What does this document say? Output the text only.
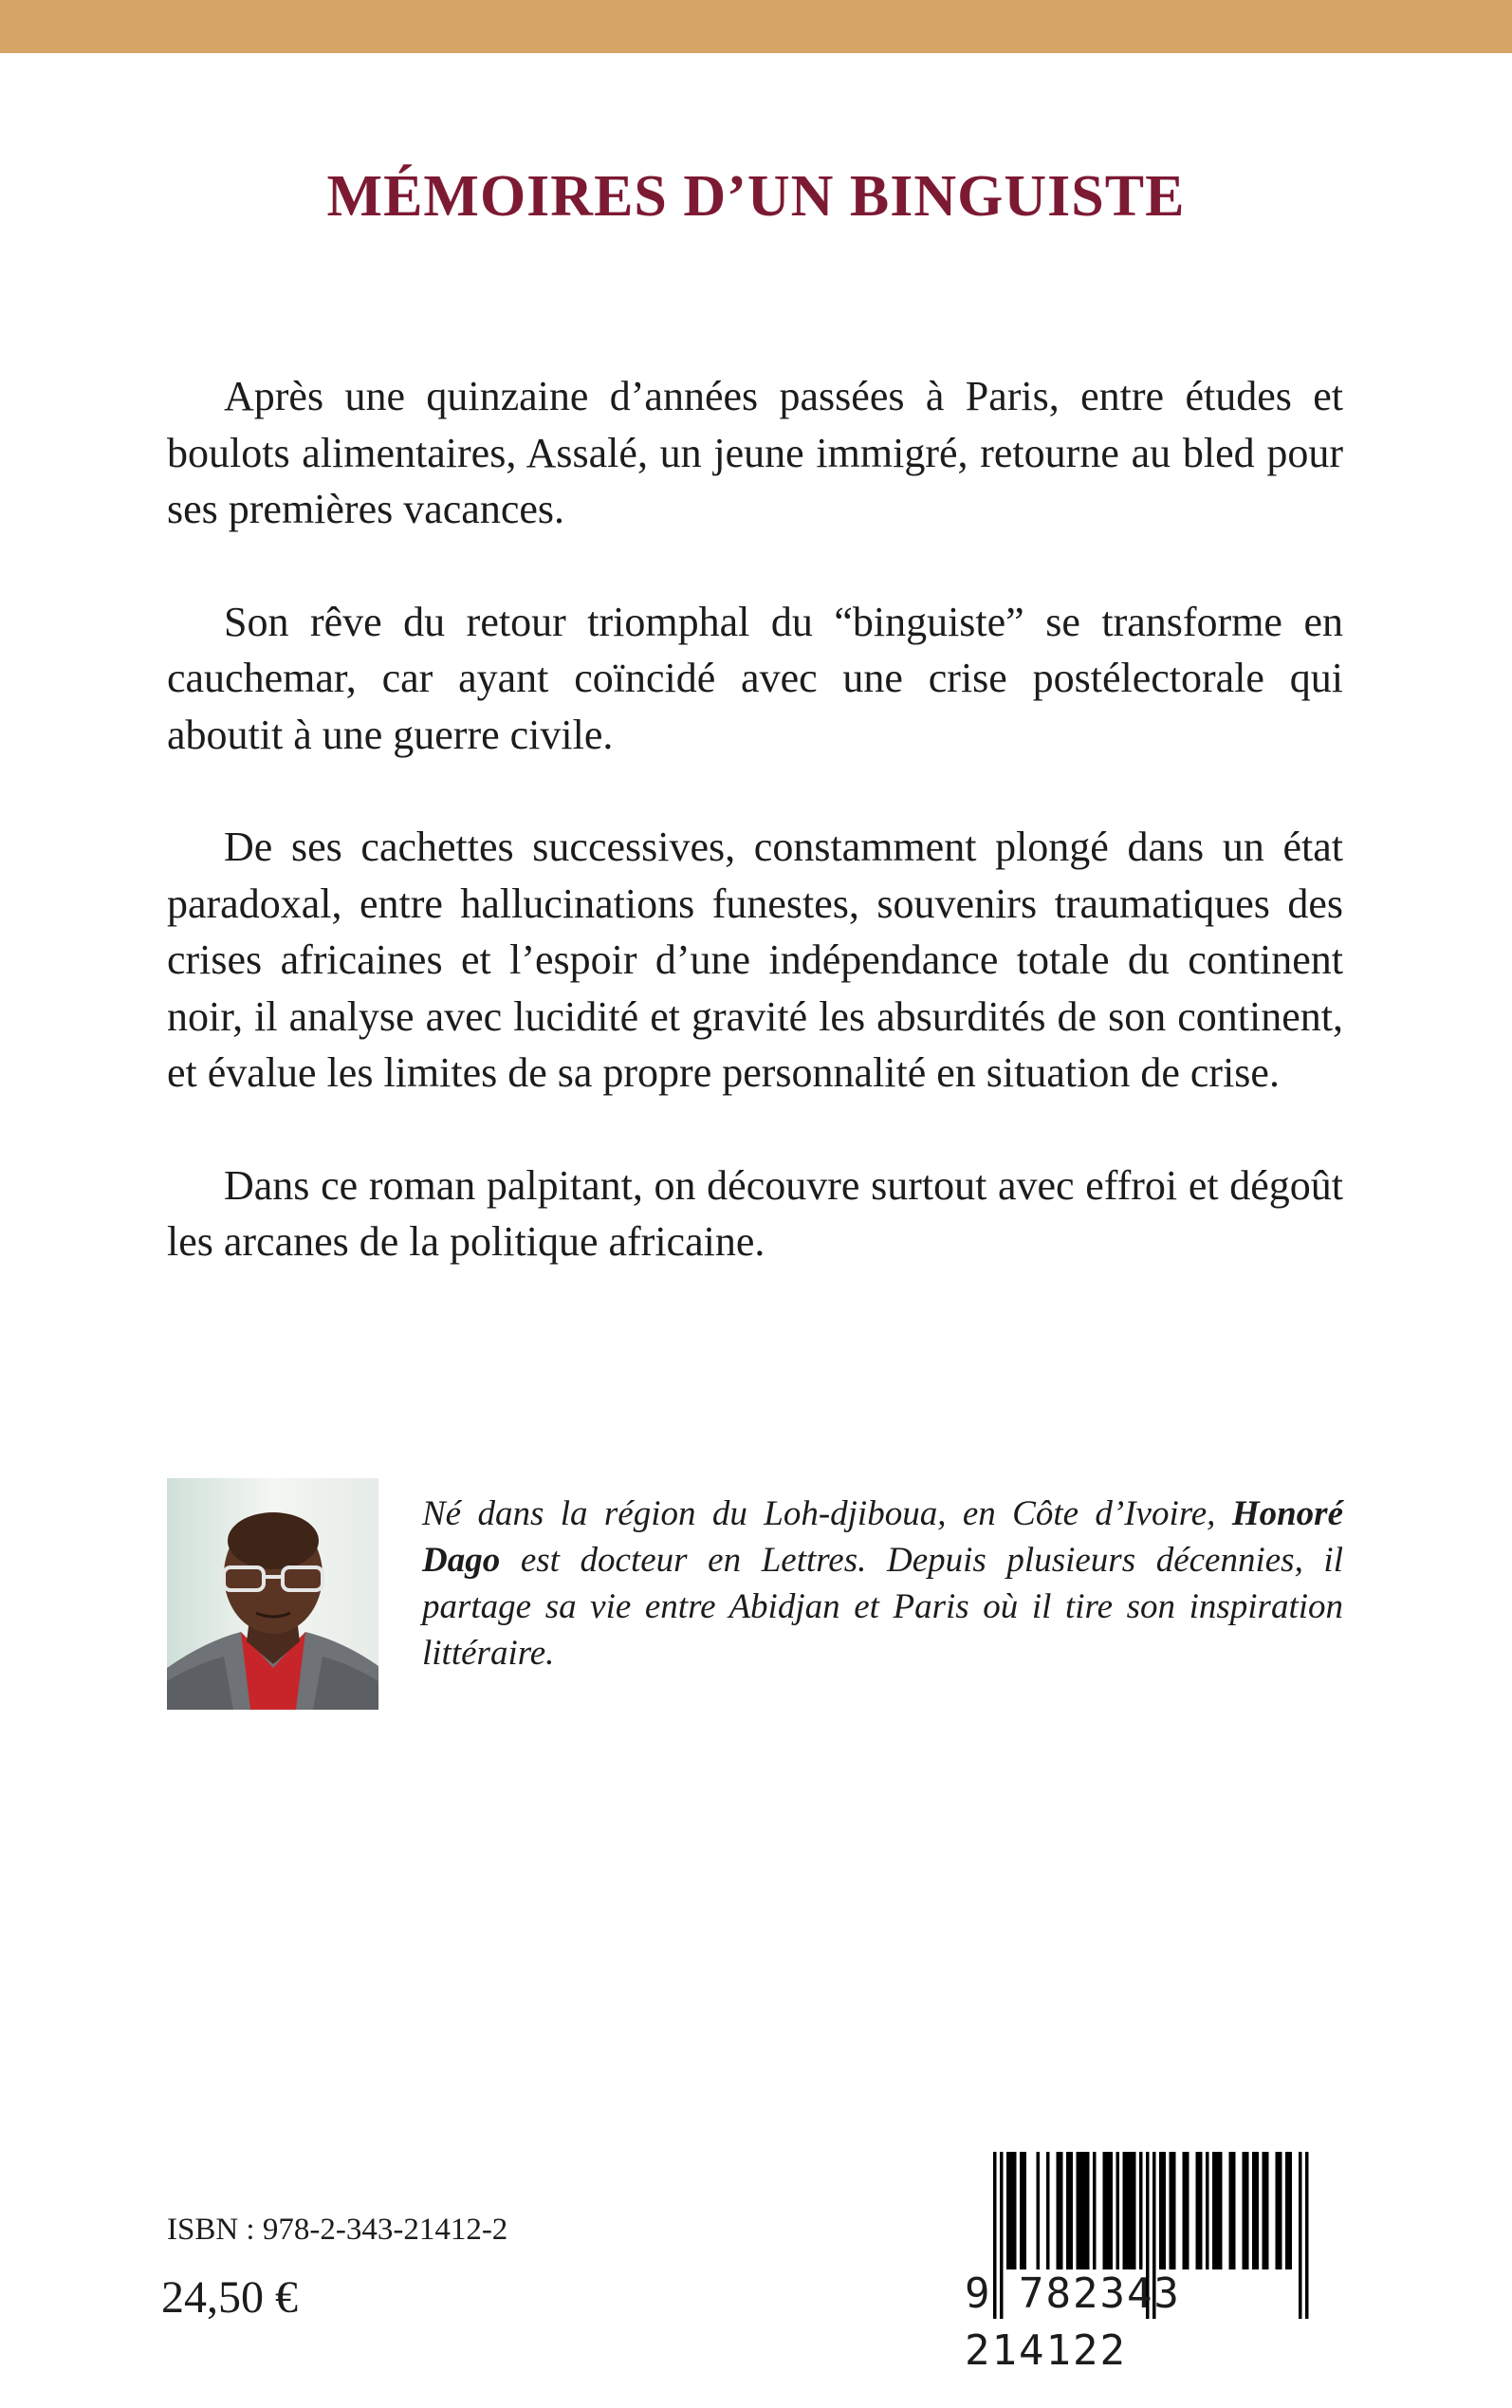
MÉMOIRES D’UN BINGUISTE

Après une quinzaine d’années passées à Paris, entre études et boulots alimentaires, Assalé, un jeune immigré, retourne au bled pour ses premières vacances.

Son rêve du retour triomphal du “binguiste” se transforme en cauchemar, car ayant coïncidé avec une crise postélectorale qui aboutit à une guerre civile.

De ses cachettes successives, constamment plongé dans un état paradoxal, entre hallucinations funestes, souvenirs traumatiques des crises africaines et l’espoir d’une indépendance totale du continent noir, il analyse avec lucidité et gravité les absurdités de son continent, et évalue les limites de sa propre personnalité en situation de crise.

Dans ce roman palpitant, on découvre surtout avec effroi et dégoût les arcanes de la politique africaine.

Né dans la région du Loh-djiboua, en Côte d’Ivoire, Honoré Dago est docteur en Lettres. Depuis plusieurs décennies, il partage sa vie entre Abidjan et Paris où il tire son inspiration littéraire.

ISBN : 978-2-343-21412-2

24,50 €	9 782343 214122
